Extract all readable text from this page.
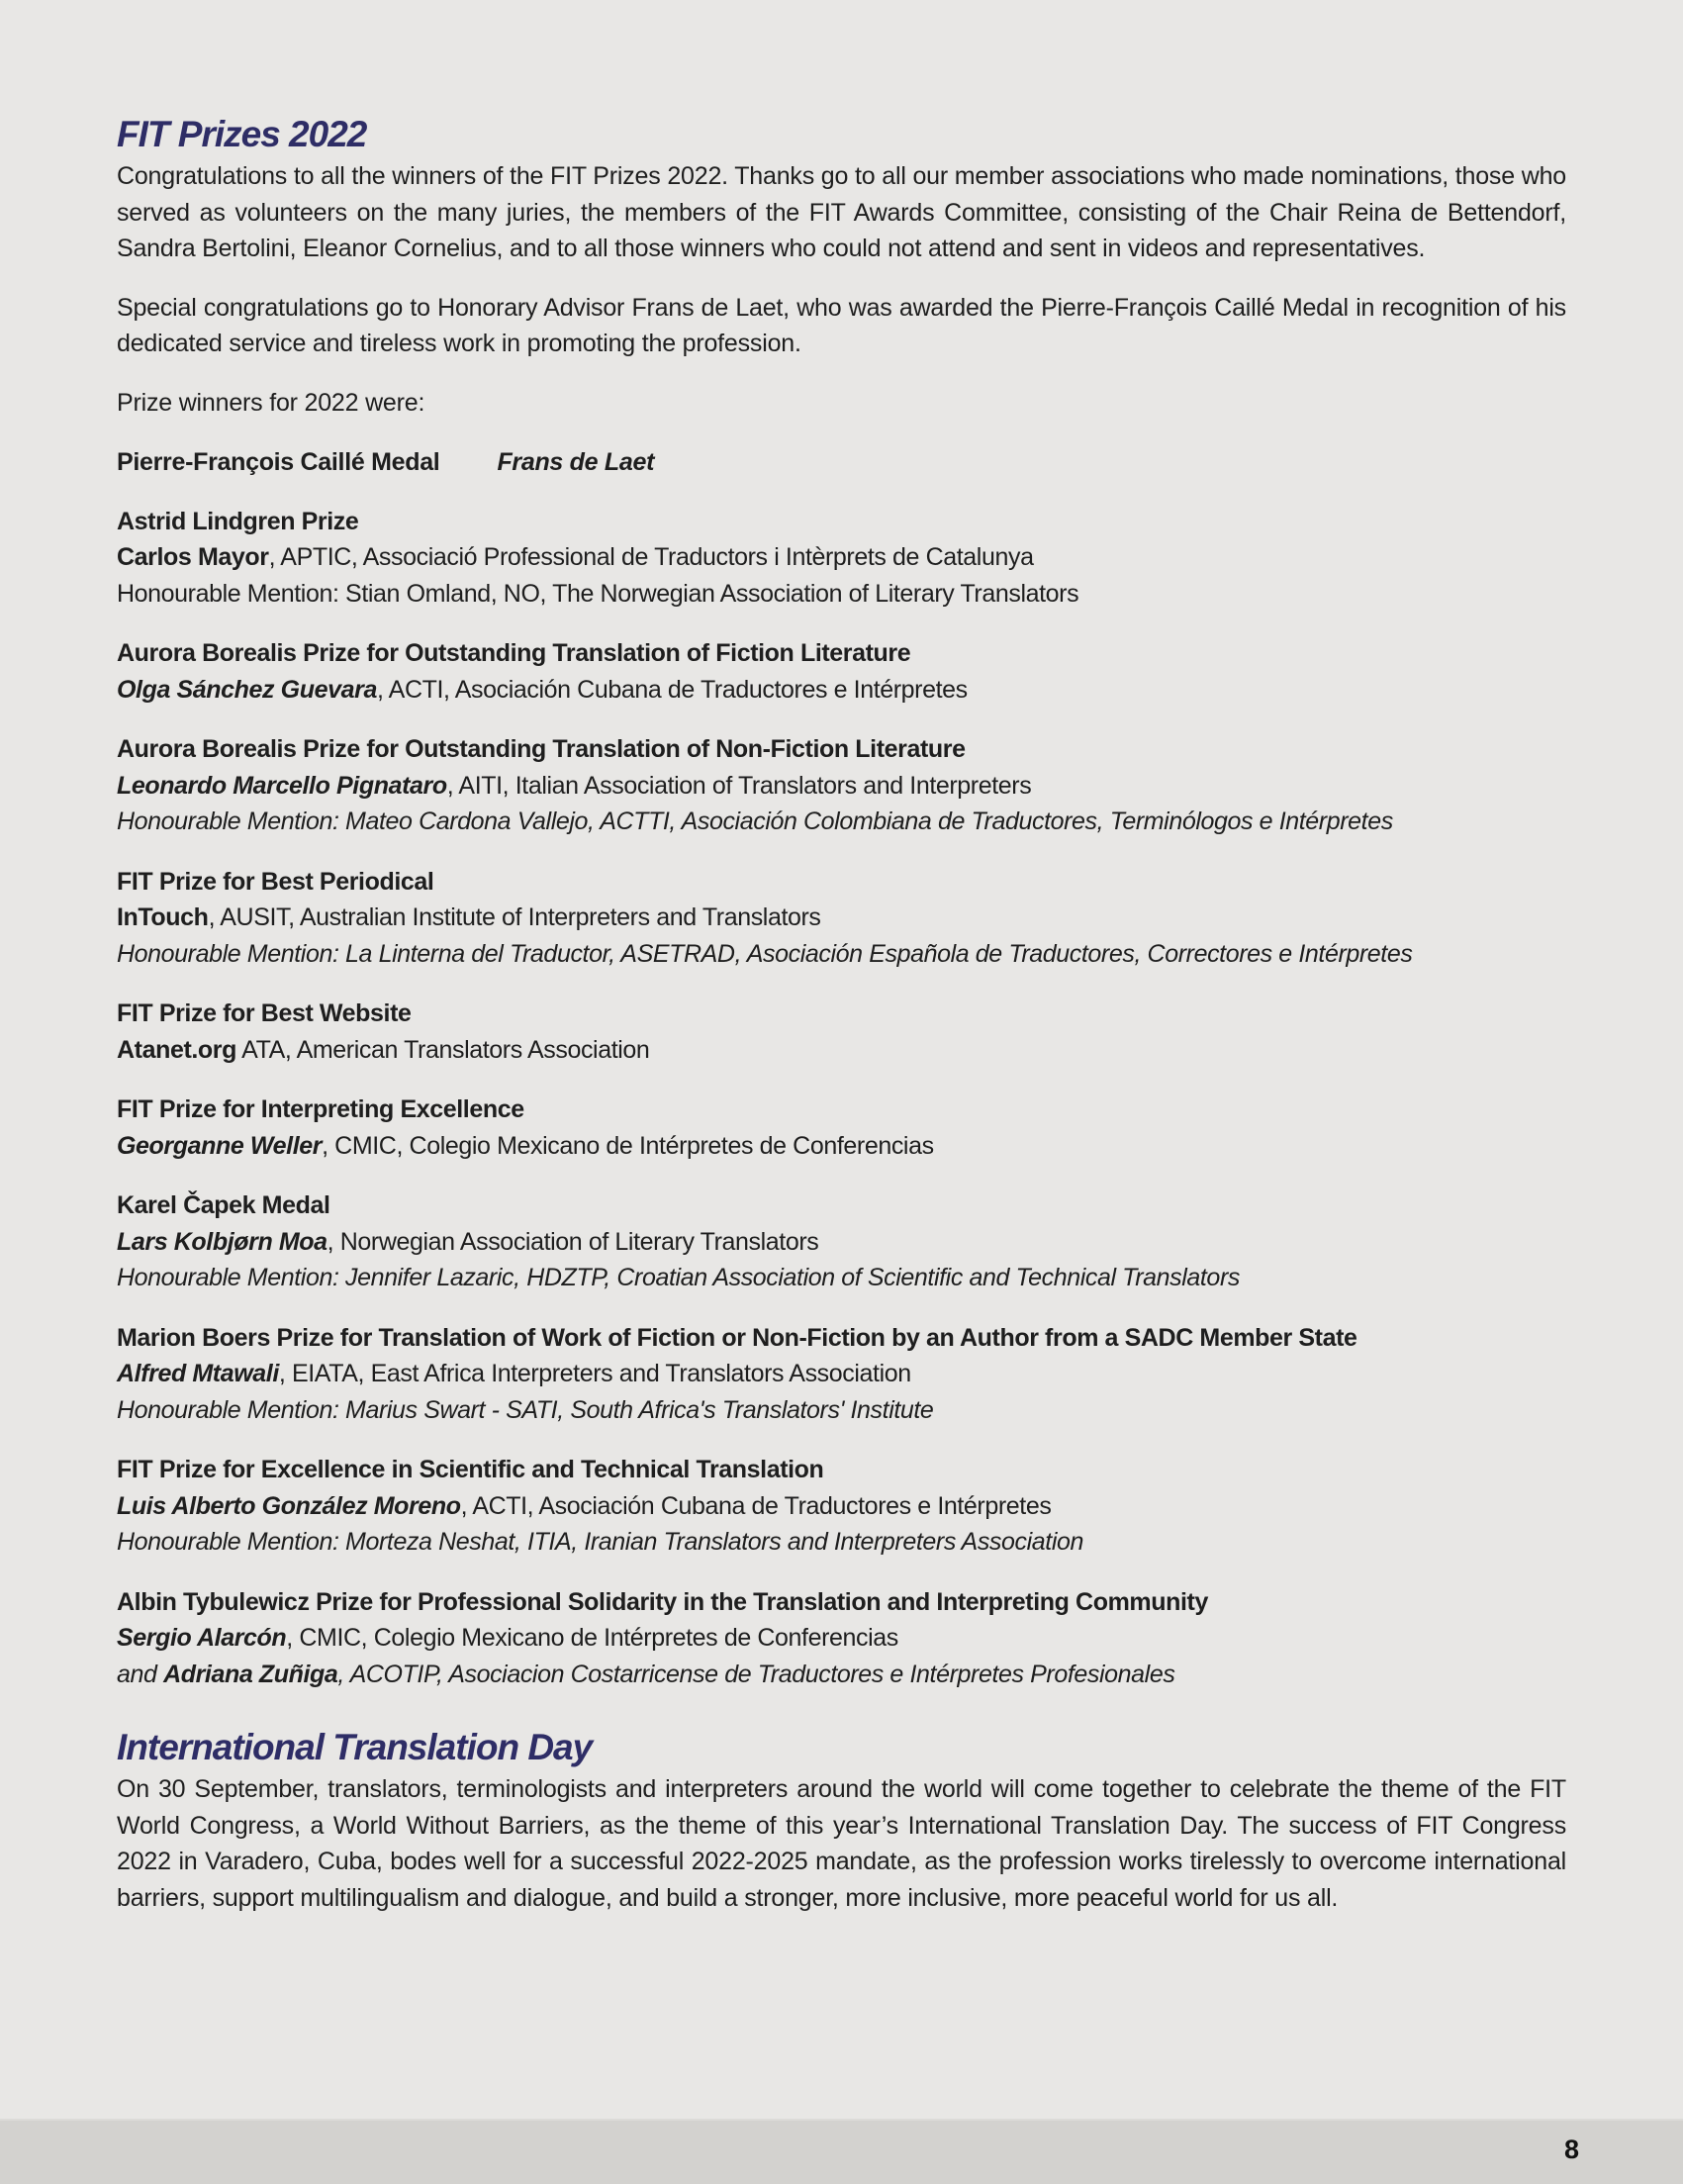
FIT Prizes 2022

Congratulations to all the winners of the FIT Prizes 2022. Thanks go to all our member associations who made nominations, those who served as volunteers on the many juries, the members of the FIT Awards Committee, consisting of the Chair Reina de Bettendorf, Sandra Bertolini, Eleanor Cornelius, and to all those winners who could not attend and sent in videos and representatives.

Special congratulations go to Honorary Advisor Frans de Laet, who was awarded the Pierre-François Caillé Medal in recognition of his dedicated service and tireless work in promoting the profession.

Prize winners for 2022 were:

Pierre-François Caillé Medal Frans de Laet
Astrid Lindgren Prize
Carlos Mayor, APTIC, Associació Professional de Traductors i Intèrprets de Catalunya
Honourable Mention: Stian Omland, NO, The Norwegian Association of Literary Translators
Aurora Borealis Prize for Outstanding Translation of Fiction Literature
Olga Sánchez Guevara, ACTI, Asociación Cubana de Traductores e Intérpretes
Aurora Borealis Prize for Outstanding Translation of Non-Fiction Literature
Leonardo Marcello Pignataro, AITI, Italian Association of Translators and Interpreters
Honourable Mention: Mateo Cardona Vallejo, ACTTI, Asociación Colombiana de Traductores, Terminólogos e Intérpretes
FIT Prize for Best Periodical
InTouch, AUSIT, Australian Institute of Interpreters and Translators
Honourable Mention: La Linterna del Traductor, ASETRAD, Asociación Española de Traductores, Correctores e Intérpretes
FIT Prize for Best Website
Atanet.org ATA, American Translators Association
FIT Prize for Interpreting Excellence
Georganne Weller, CMIC, Colegio Mexicano de Intérpretes de Conferencias
Karel Čapek Medal
Lars Kolbjørn Moa, Norwegian Association of Literary Translators
Honourable Mention: Jennifer Lazaric, HDZTP, Croatian Association of Scientific and Technical Translators
Marion Boers Prize for Translation of Work of Fiction or Non-Fiction by an Author from a SADC Member State
Alfred Mtawali, EIATA, East Africa Interpreters and Translators Association
Honourable Mention: Marius Swart - SATI, South Africa's Translators' Institute
FIT Prize for Excellence in Scientific and Technical Translation
Luis Alberto González Moreno, ACTI, Asociación Cubana de Traductores e Intérpretes
Honourable Mention: Morteza Neshat, ITIA, Iranian Translators and Interpreters Association
Albin Tybulewicz Prize for Professional Solidarity in the Translation and Interpreting Community
Sergio Alarcón, CMIC, Colegio Mexicano de Intérpretes de Conferencias
and Adriana Zuñiga, ACOTIP, Asociacion Costarricense de Traductores e Intérpretes Profesionales
International Translation Day

On 30 September, translators, terminologists and interpreters around the world will come together to celebrate the theme of the FIT World Congress, a World Without Barriers, as the theme of this year’s International Translation Day. The success of FIT Congress 2022 in Varadero, Cuba, bodes well for a successful 2022-2025 mandate, as the profession works tirelessly to overcome international barriers, support multilingualism and dialogue, and build a stronger, more inclusive, more peaceful world for us all.

8
